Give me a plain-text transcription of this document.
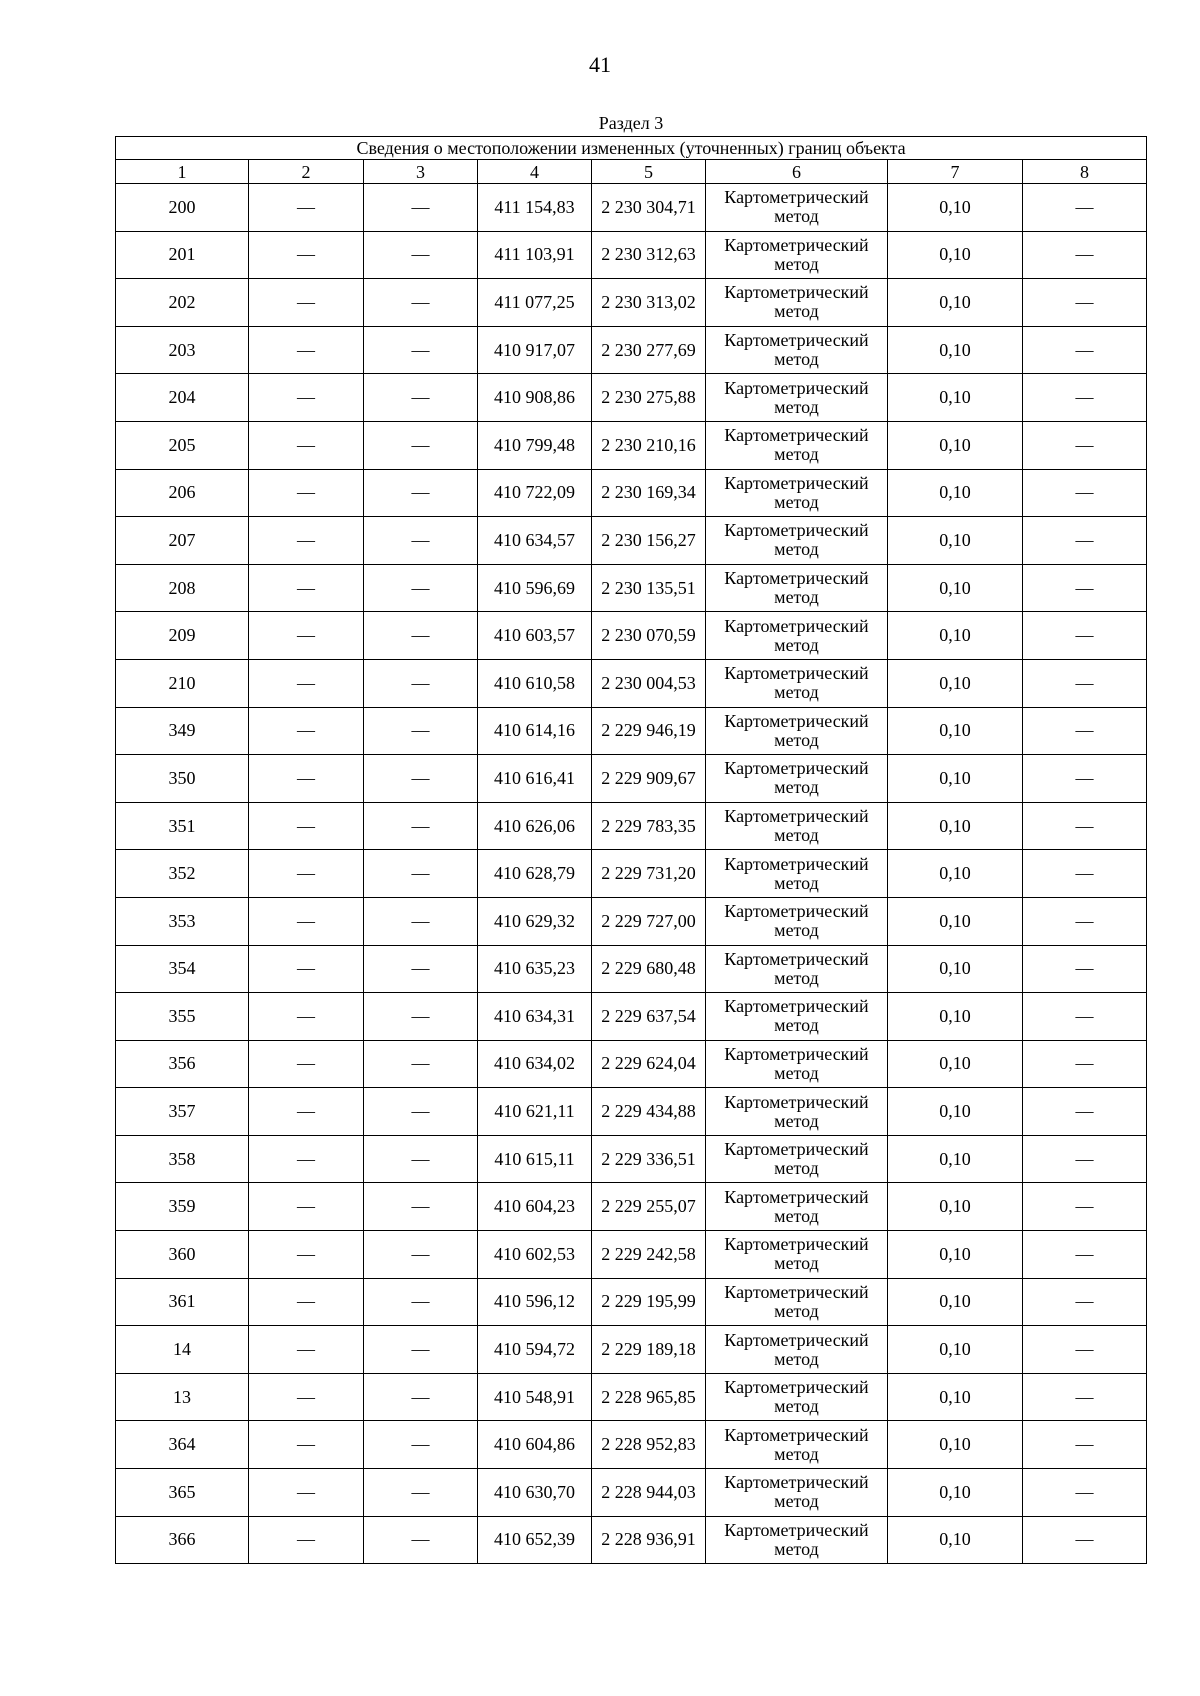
41
Раздел 3
Сведения о местоположении измененных (уточненных) границ объекта							
1	2	3	4	5	6	7	8
200	—	—	411 154,83	2 230 304,71	Картометрический метод	0,10	—
201	—	—	411 103,91	2 230 312,63	Картометрический метод	0,10	—
202	—	—	411 077,25	2 230 313,02	Картометрический метод	0,10	—
203	—	—	410 917,07	2 230 277,69	Картометрический метод	0,10	—
204	—	—	410 908,86	2 230 275,88	Картометрический метод	0,10	—
205	—	—	410 799,48	2 230 210,16	Картометрический метод	0,10	—
206	—	—	410 722,09	2 230 169,34	Картометрический метод	0,10	—
207	—	—	410 634,57	2 230 156,27	Картометрический метод	0,10	—
208	—	—	410 596,69	2 230 135,51	Картометрический метод	0,10	—
209	—	—	410 603,57	2 230 070,59	Картометрический метод	0,10	—
210	—	—	410 610,58	2 230 004,53	Картометрический метод	0,10	—
349	—	—	410 614,16	2 229 946,19	Картометрический метод	0,10	—
350	—	—	410 616,41	2 229 909,67	Картометрический метод	0,10	—
351	—	—	410 626,06	2 229 783,35	Картометрический метод	0,10	—
352	—	—	410 628,79	2 229 731,20	Картометрический метод	0,10	—
353	—	—	410 629,32	2 229 727,00	Картометрический метод	0,10	—
354	—	—	410 635,23	2 229 680,48	Картометрический метод	0,10	—
355	—	—	410 634,31	2 229 637,54	Картометрический метод	0,10	—
356	—	—	410 634,02	2 229 624,04	Картометрический метод	0,10	—
357	—	—	410 621,11	2 229 434,88	Картометрический метод	0,10	—
358	—	—	410 615,11	2 229 336,51	Картометрический метод	0,10	—
359	—	—	410 604,23	2 229 255,07	Картометрический метод	0,10	—
360	—	—	410 602,53	2 229 242,58	Картометрический метод	0,10	—
361	—	—	410 596,12	2 229 195,99	Картометрический метод	0,10	—
14	—	—	410 594,72	2 229 189,18	Картометрический метод	0,10	—
13	—	—	410 548,91	2 228 965,85	Картометрический метод	0,10	—
364	—	—	410 604,86	2 228 952,83	Картометрический метод	0,10	—
365	—	—	410 630,70	2 228 944,03	Картометрический метод	0,10	—
366	—	—	410 652,39	2 228 936,91	Картометрический метод	0,10	—
